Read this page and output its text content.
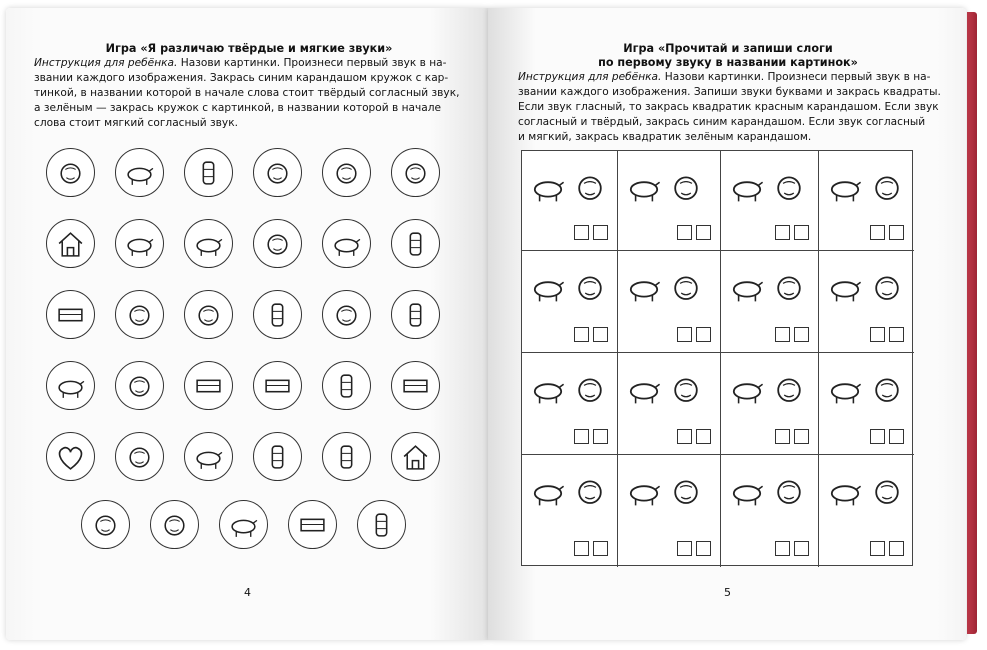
Игра «Я различаю твёрдые и мягкие звуки»
Инструкция для ребёнка. Назови картинки. Произнеси первый звук в на-
звании каждого изображения. Закрась синим карандашом кружок с кар-
тинкой, в названии которой в начале слова стоит твёрдый согласный звук,
а зелёным — закрась кружок с картинкой, в названии которой в начале
слова стоит мягкий согласный звук.
4
Игра «Прочитай и запиши слоги
по первому звуку в названии картинок»
Инструкция для ребёнка. Назови картинки. Произнеси первый звук в на-
звании каждого изображения. Запиши звуки буквами и закрась квадраты.
Если звук гласный, то закрась квадратик красным карандашом. Если звук
согласный и твёрдый, закрась синим карандашом. Если звук согласный
и мягкий, закрась квадратик зелёным карандашом.
5
